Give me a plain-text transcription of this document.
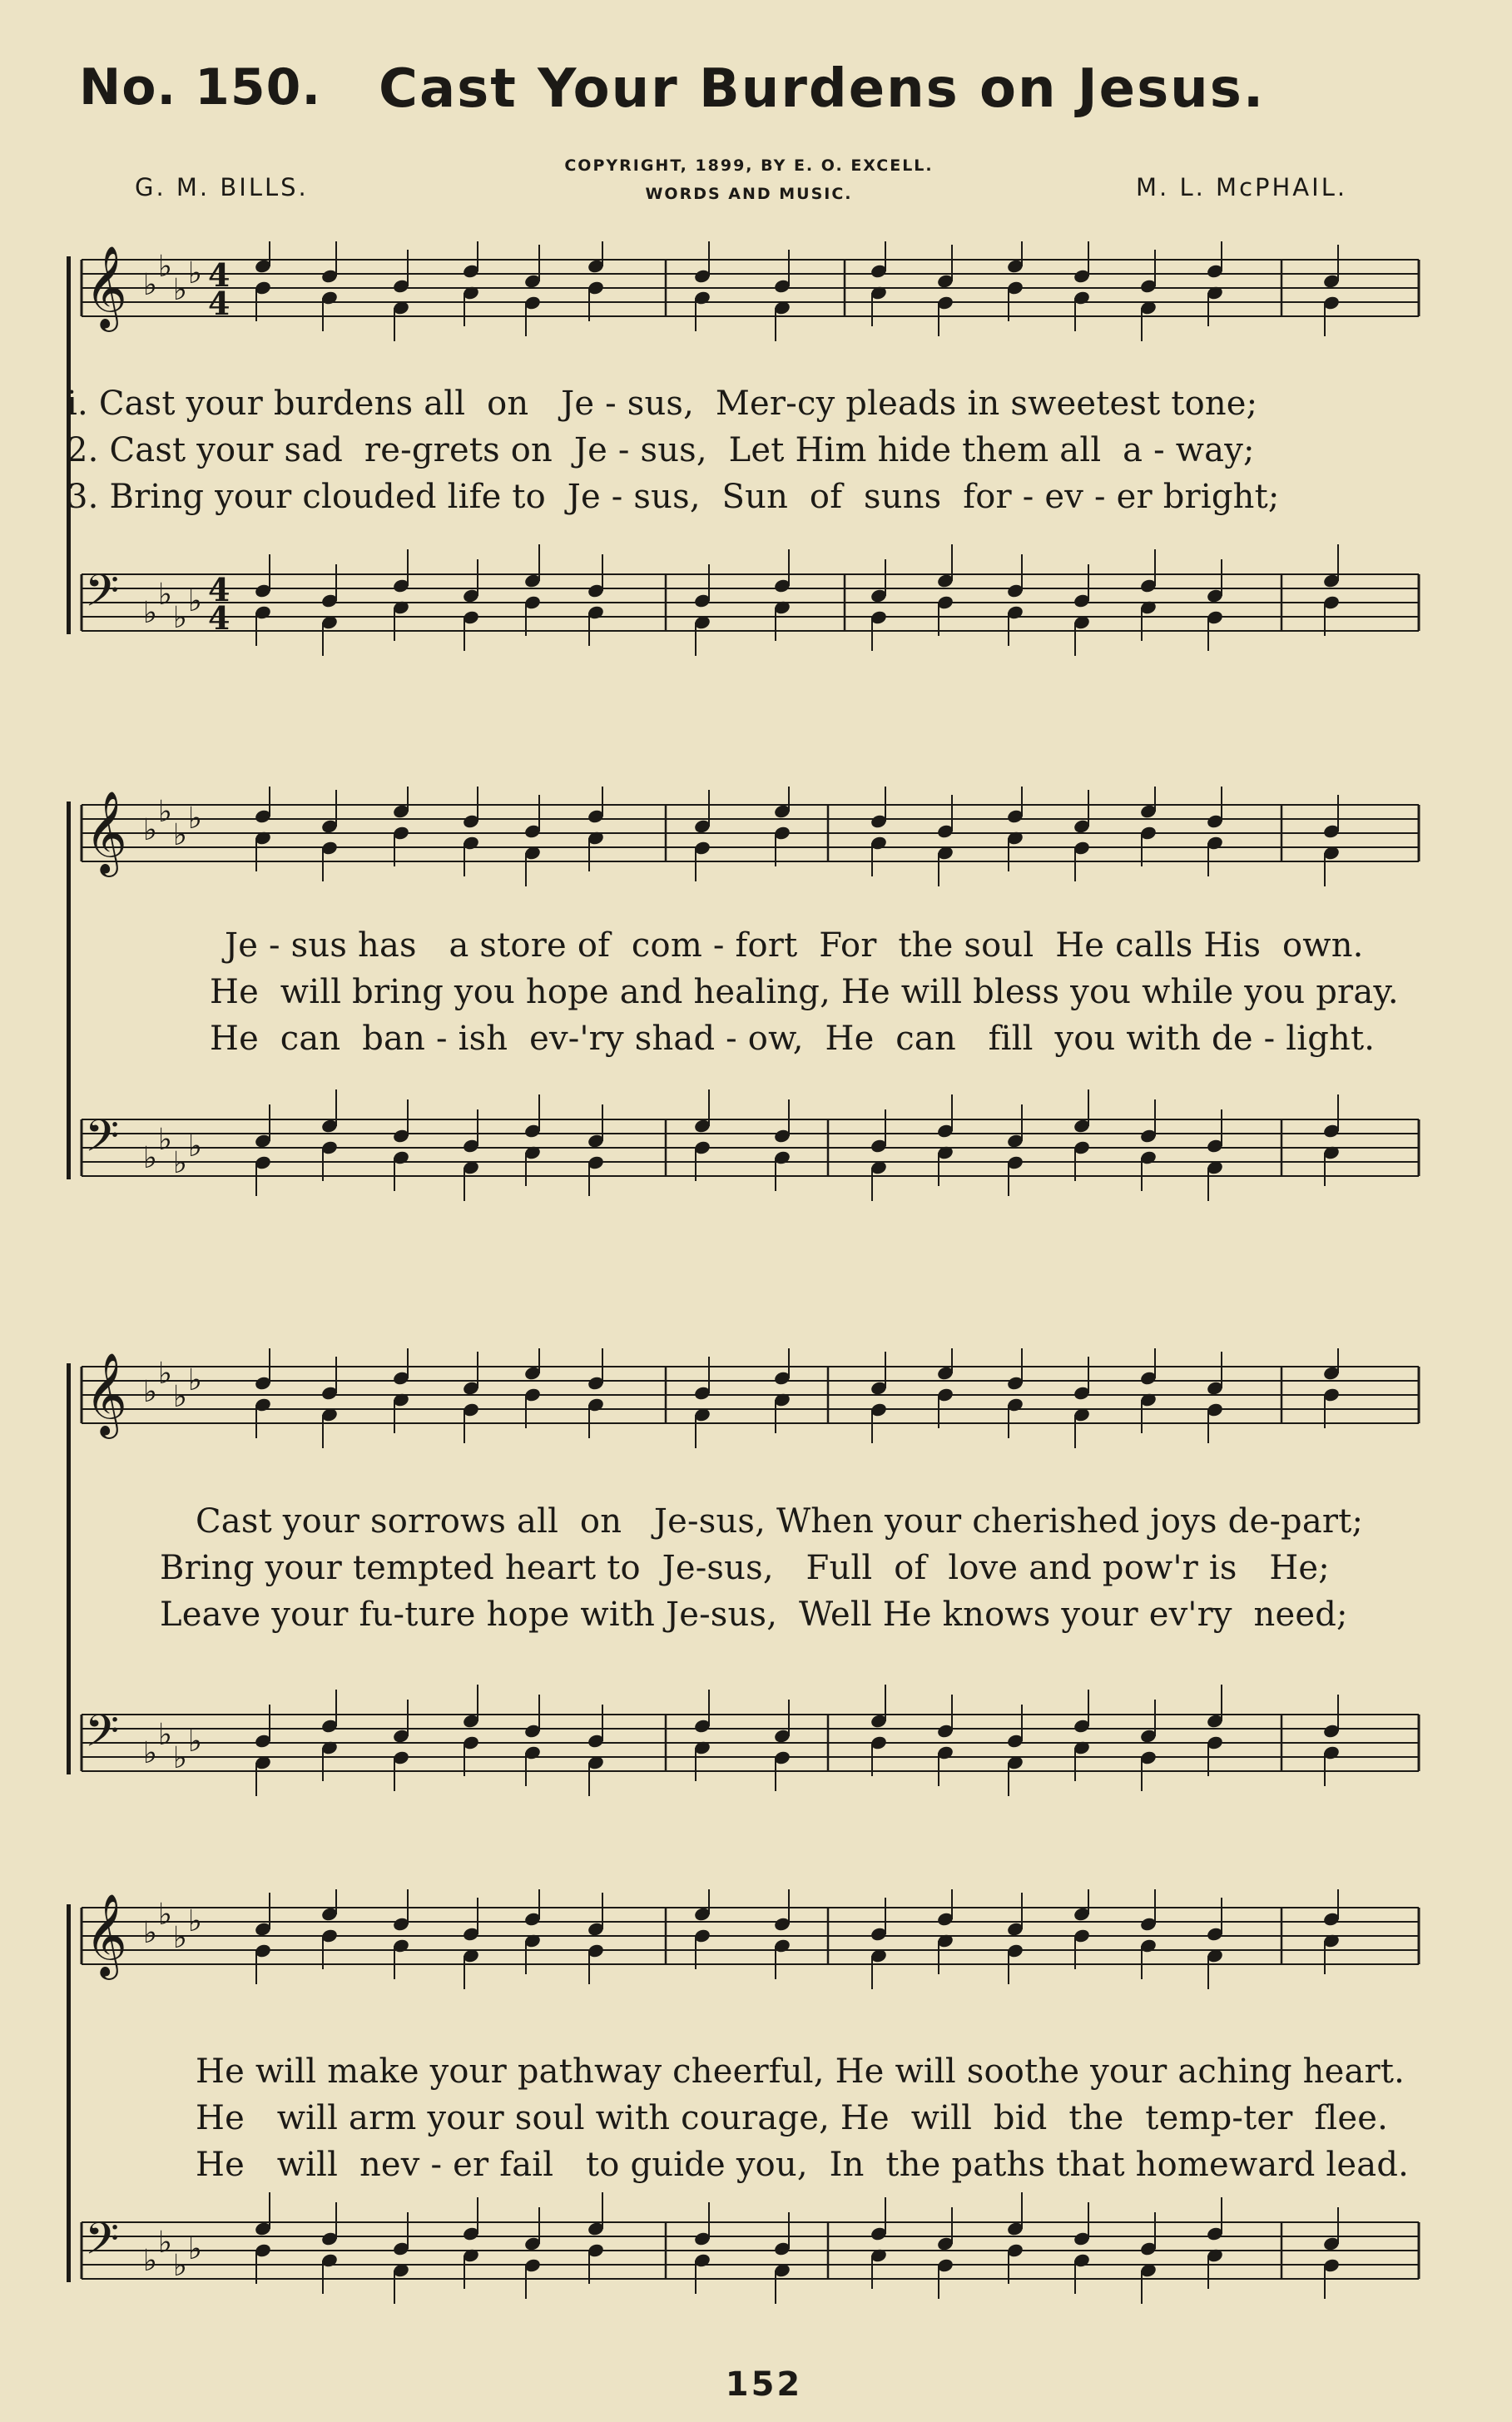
No. 150. Cast Your Burdens on Jesus.
G. M. BILLS.
COPYRIGHT, 1899, BY E. O. EXCELL.
WORDS AND MUSIC.	M. L. McPHAIL.
𝄞 ♭
♭
♭ ♭ 4
4
𝄢 ♭
♭
♭ ♭ 4
4
i. Cast your burdens all  on   Je - sus,  Mer-cy pleads in sweetest tone;
2. Cast your sad  re-grets on  Je - sus,  Let Him hide them all  a - way;
3. Bring your clouded life to  Je - sus,  Sun  of  suns  for - ev - er bright;
𝄞 ♭
♭
♭ ♭
𝄢 ♭
♭
♭ ♭
Je - sus has   a store of  com - fort  For  the soul  He calls His  own.
He  will bring you hope and healing, He will bless you while you pray.
He  can  ban - ish  ev-'ry shad - ow,  He  can   fill  you with de - light.
𝄞 ♭
♭
♭ ♭
𝄢 ♭
♭
♭ ♭
Cast your sorrows all  on   Je-sus, When your cherished joys de-part;
Bring your tempted heart to  Je-sus,   Full  of  love and pow'r is   He;
Leave your fu-ture hope with Je-sus,  Well He knows your ev'ry  need;
𝄞 ♭
♭
♭ ♭
𝄢 ♭
♭
♭ ♭
He will make your pathway cheerful, He will soothe your aching heart.
He   will arm your soul with courage, He  will  bid  the  temp-ter  flee.
He   will  nev - er fail   to guide you,  In  the paths that homeward lead.
152
